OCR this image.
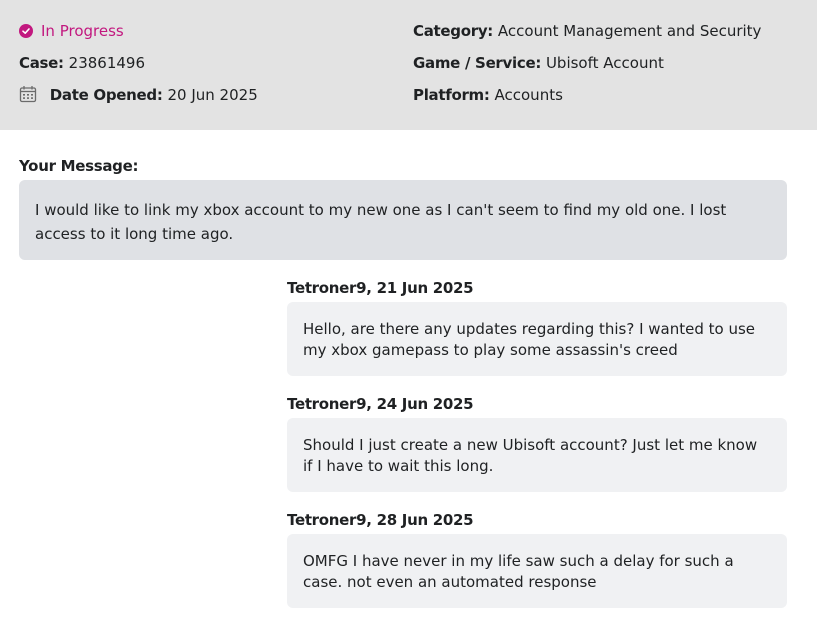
In Progress
Case: 23861496
Date Opened: 20 Jun 2025
Category: Account Management and Security
Game / Service: Ubisoft Account
Platform: Accounts
Your Message:
I would like to link my xbox account to my new one as I can't seem to find my old one. I lost access to it long time ago.
Tetroner9, 21 Jun 2025
Hello, are there any updates regarding this? I wanted to use my xbox gamepass to play some assassin's creed
Tetroner9, 24 Jun 2025
Should I just create a new Ubisoft account? Just let me know if I have to wait this long.
Tetroner9, 28 Jun 2025
OMFG I have never in my life saw such a delay for such a case. not even an automated response
